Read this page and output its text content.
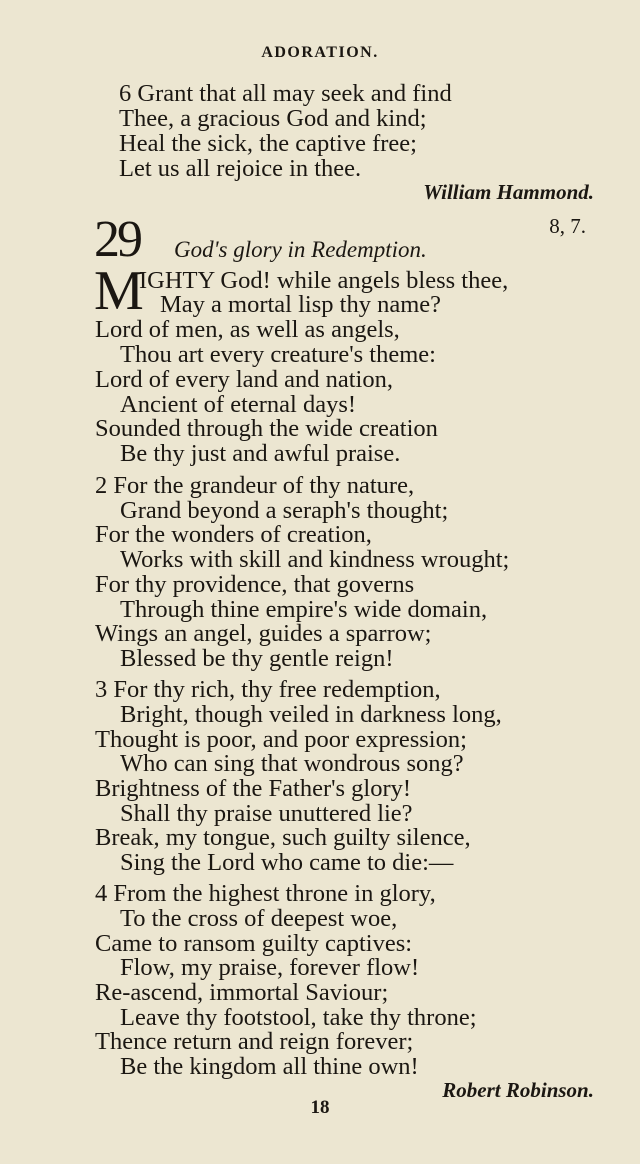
ADORATION.
6 Grant that all may seek and find
Thee, a gracious God and kind;
Heal the sick, the captive free;
Let us all rejoice in thee.
William Hammond.
29	8, 7.
God's glory in Redemption.
M
IGHTY God! while angels bless thee,
May a mortal lisp thy name?
Lord of men, as well as angels,
Thou art every creature's theme:
Lord of every land and nation,
Ancient of eternal days!
Sounded through the wide creation
Be thy just and awful praise.
2 For the grandeur of thy nature,
Grand beyond a seraph's thought;
For the wonders of creation,
Works with skill and kindness wrought;
For thy providence, that governs
Through thine empire's wide domain,
Wings an angel, guides a sparrow;
Blessed be thy gentle reign!
3 For thy rich, thy free redemption,
Bright, though veiled in darkness long,
Thought is poor, and poor expression;
Who can sing that wondrous song?
Brightness of the Father's glory!
Shall thy praise unuttered lie?
Break, my tongue, such guilty silence,
Sing the Lord who came to die:—
4 From the highest throne in glory,
To the cross of deepest woe,
Came to ransom guilty captives:
Flow, my praise, forever flow!
Re-ascend, immortal Saviour;
Leave thy footstool, take thy throne;
Thence return and reign forever;
Be the kingdom all thine own!
Robert Robinson.
18
